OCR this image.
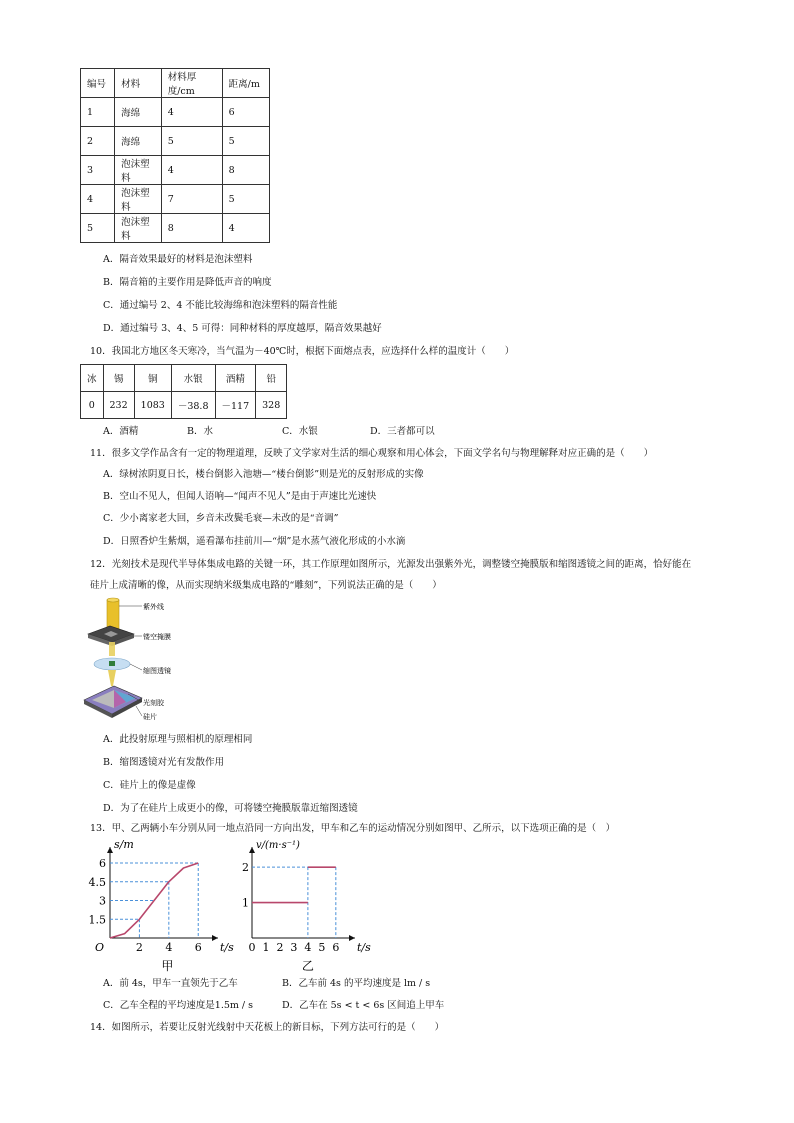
编号	材料	材料厚度/cm	距离/m
1	海绵	4	6
2	海绵	5	5
3	泡沫塑料	4	8
4	泡沫塑料	7	5
5	泡沫塑料	8	4
A．隔音效果最好的材料是泡沫塑料
B．隔音箱的主要作用是降低声音的响度
C．通过编号 2、4 不能比较海绵和泡沫塑料的隔音性能
D．通过编号 3、4、5 可得：同种材料的厚度越厚，隔音效果越好
10．我国北方地区冬天寒冷，当气温为－40℃时，根据下面熔点表，应选择什么样的温度计（　　）
冰	锡	铜	水银	酒精	铅
0	232	1083	－38.8	－117	328
A．酒精	B．水	C．水银	D．三者都可以
11．很多文学作品含有一定的物理道理，反映了文学家对生活的细心观察和用心体会，下面文学名句与物理解释对应正确的是（　　）
A．绿树浓阴夏日长，楼台倒影入池塘—“楼台倒影”则是光的反射形成的实像
B．空山不见人，但闻人语响—“闻声不见人”是由于声速比光速快
C．少小离家老大回，乡音未改鬓毛衰—未改的是“音调”
D．日照香炉生紫烟，遥看瀑布挂前川—“烟”是水蒸气液化形成的小水滴
12．光刻技术是现代半导体集成电路的关键一环，其工作原理如图所示，光源发出强紫外光，调整镂空掩膜版和缩图透镜之间的距离，恰好能在
硅片上成清晰的像，从而实现纳米级集成电路的“雕刻”，下列说法正确的是（　　）
紫外线
镂空掩膜
缩图透镜
光刻胶
硅片
A．此投射原理与照相机的原理相同
B．缩图透镜对光有发散作用
C．硅片上的像是虚像
D．为了在硅片上成更小的像，可将镂空掩膜版靠近缩图透镜
13．甲、乙两辆小车分别从同一地点沿同一方向出发，甲车和乙车的运动情况分别如图甲、乙所示，以下选项正确的是（　）
1.5
3
4.5
6
2 4 6
O
s/m
t/s
甲
1
2
0 1 2 3 4 5 6
v/(m·s⁻¹)
t/s
乙
A．前 4s，甲车一直领先于乙车	B．乙车前 4s 的平均速度是 lm / s
C．乙车全程的平均速度是1.5m / s	D．乙车在 5s < t < 6s 区间追上甲车
14．如图所示，若要让反射光线射中天花板上的新目标，下列方法可行的是（　　）
